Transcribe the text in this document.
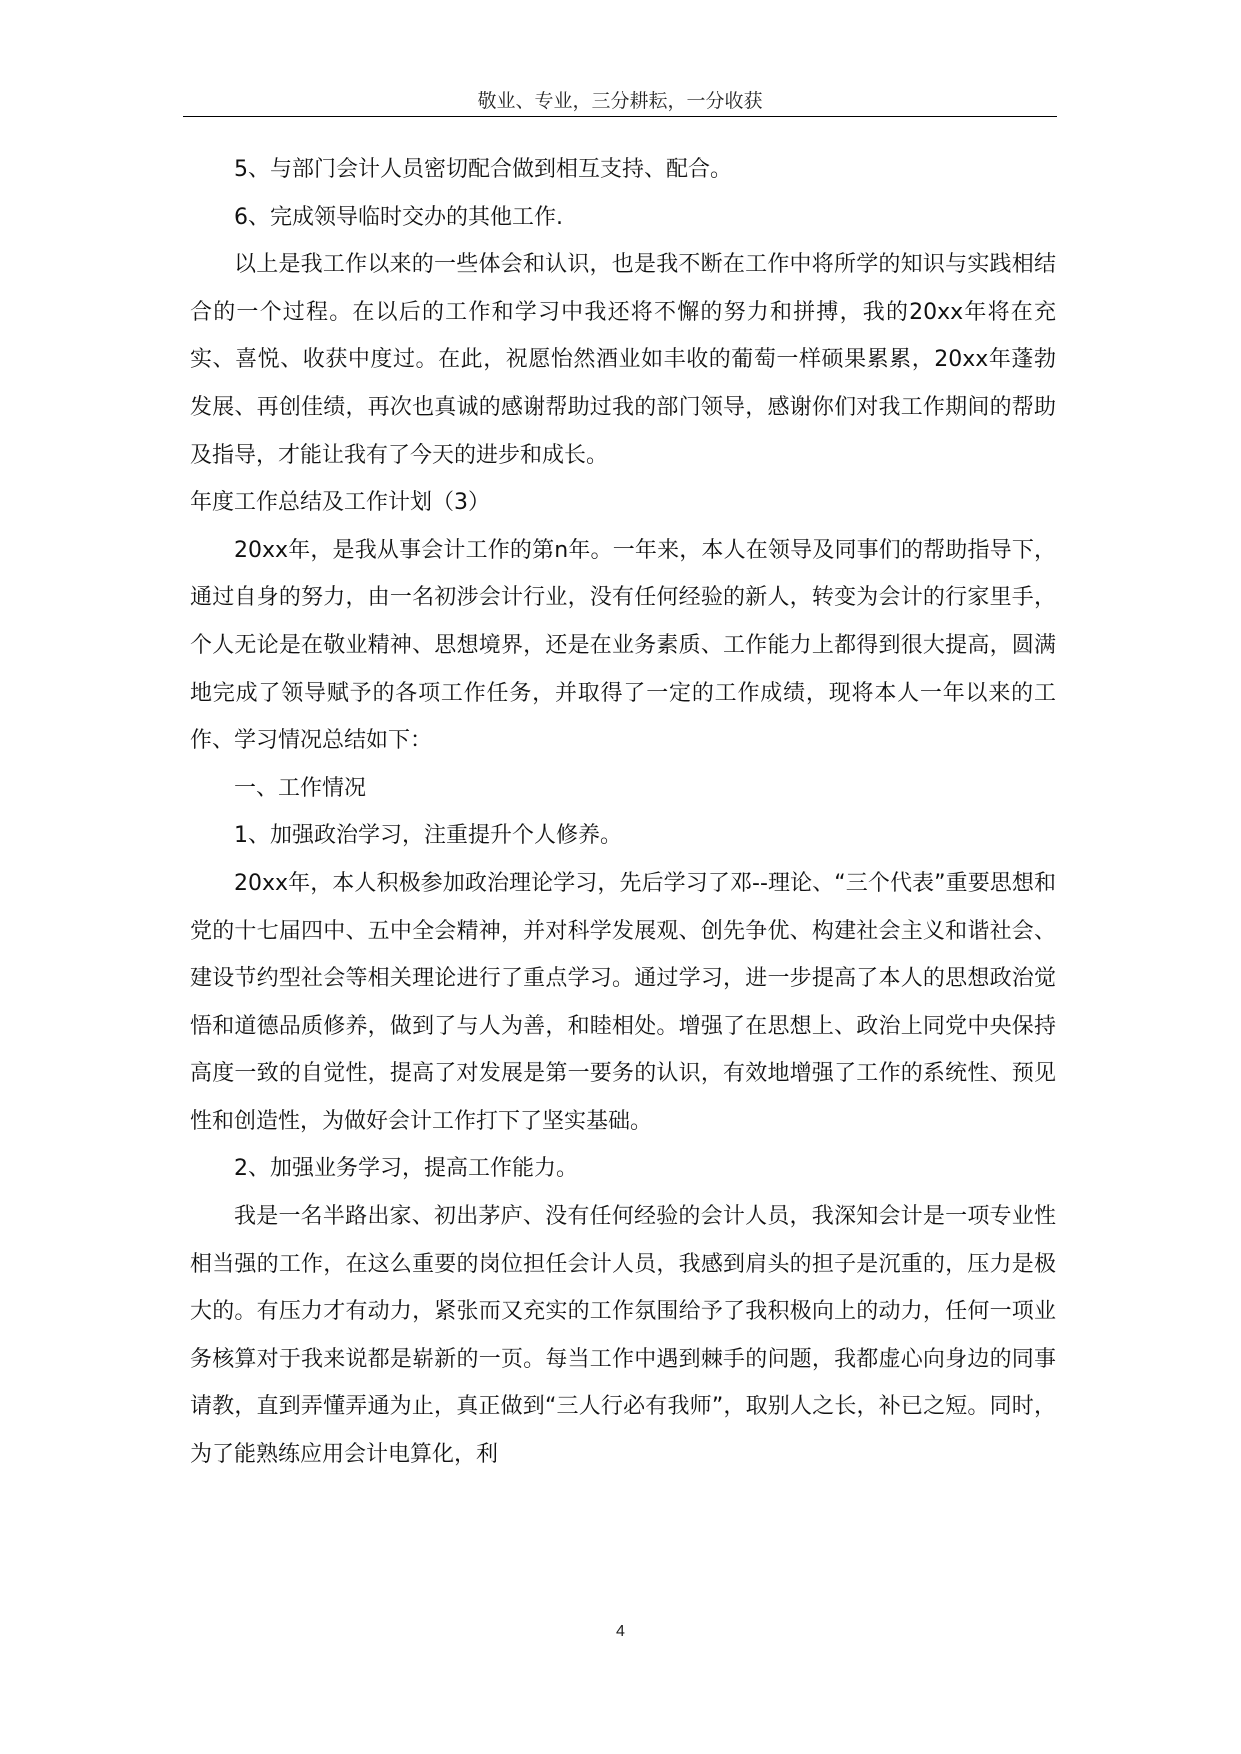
敬业、专业，三分耕耘，一分收获

5、与部门会计人员密切配合做到相互支持、配合。

6、完成领导临时交办的其他工作.

以上是我工作以来的一些体会和认识，也是我不断在工作中将所学的知识与实践相结合的一个过程。在以后的工作和学习中我还将不懈的努力和拼搏，我的20xx年将在充实、喜悦、收获中度过。在此，祝愿怡然酒业如丰收的葡萄一样硕果累累，20xx年蓬勃发展、再创佳绩，再次也真诚的感谢帮助过我的部门领导，感谢你们对我工作期间的帮助及指导，才能让我有了今天的进步和成长。

年度工作总结及工作计划（3）

20xx年，是我从事会计工作的第n年。一年来，本人在领导及同事们的帮助指导下，通过自身的努力，由一名初涉会计行业，没有任何经验的新人，转变为会计的行家里手，个人无论是在敬业精神、思想境界，还是在业务素质、工作能力上都得到很大提高，圆满地完成了领导赋予的各项工作任务，并取得了一定的工作成绩，现将本人一年以来的工作、学习情况总结如下：

一、工作情况

1、加强政治学习，注重提升个人修养。

20xx年，本人积极参加政治理论学习，先后学习了邓--理论、“三个代表”重要思想和党的十七届四中、五中全会精神，并对科学发展观、创先争优、构建社会主义和谐社会、建设节约型社会等相关理论进行了重点学习。通过学习，进一步提高了本人的思想政治觉悟和道德品质修养，做到了与人为善，和睦相处。增强了在思想上、政治上同党中央保持高度一致的自觉性，提高了对发展是第一要务的认识，有效地增强了工作的系统性、预见性和创造性，为做好会计工作打下了坚实基础。

2、加强业务学习，提高工作能力。

我是一名半路出家、初出茅庐、没有任何经验的会计人员，我深知会计是一项专业性相当强的工作，在这么重要的岗位担任会计人员，我感到肩头的担子是沉重的，压力是极大的。有压力才有动力，紧张而又充实的工作氛围给予了我积极向上的动力，任何一项业务核算对于我来说都是崭新的一页。每当工作中遇到棘手的问题，我都虚心向身边的同事请教，直到弄懂弄通为止，真正做到“三人行必有我师”，取别人之长，补已之短。同时，为了能熟练应用会计电算化，利

4
